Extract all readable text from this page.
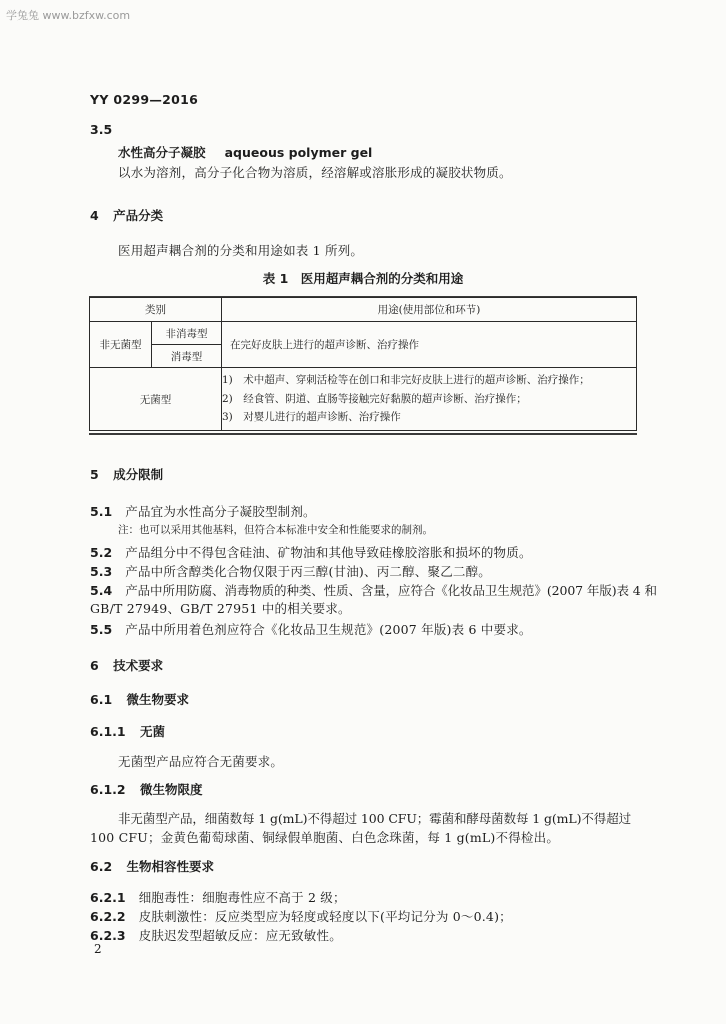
学兔兔 www.bzfxw.com
YY 0299—2016
3.5
水性高分子凝胶 aqueous polymer gel
以水为溶剂，高分子化合物为溶质，经溶解或溶胀形成的凝胶状物质。
4 产品分类
医用超声耦合剂的分类和用途如表 1 所列。
表 1　医用超声耦合剂的分类和用途
类别		用途(使用部位和环节)
非无菌型	非消毒型	在完好皮肤上进行的超声诊断、治疗操作
	消毒型	
无菌型		1)　术中超声、穿刺活检等在创口和非完好皮肤上进行的超声诊断、治疗操作；
2)　经食管、阴道、直肠等接触完好黏膜的超声诊断、治疗操作；
3)　对婴儿进行的超声诊断、治疗操作
5 成分限制
5.1 产品宜为水性高分子凝胶型制剂。
注：也可以采用其他基料，但符合本标准中安全和性能要求的制剂。
5.2 产品组分中不得包含硅油、矿物油和其他导致硅橡胶溶胀和损坏的物质。
5.3 产品中所含醇类化合物仅限于丙三醇(甘油)、丙二醇、聚乙二醇。
5.4 产品中所用防腐、消毒物质的种类、性质、含量，应符合《化妆品卫生规范》(2007 年版)表 4 和
GB/T 27949、GB/T 27951 中的相关要求。
5.5 产品中所用着色剂应符合《化妆品卫生规范》(2007 年版)表 6 中要求。
6 技术要求
6.1 微生物要求
6.1.1 无菌
无菌型产品应符合无菌要求。
6.1.2 微生物限度
非无菌型产品，细菌数每 1 g(mL)不得超过 100 CFU；霉菌和酵母菌数每 1 g(mL)不得超过
100 CFU；金黄色葡萄球菌、铜绿假单胞菌、白色念珠菌，每 1 g(mL)不得检出。
6.2 生物相容性要求
6.2.1 细胞毒性：细胞毒性应不高于 2 级；
6.2.2 皮肤刺激性：反应类型应为轻度或轻度以下(平均记分为 0～0.4)；
6.2.3 皮肤迟发型超敏反应：应无致敏性。
2
